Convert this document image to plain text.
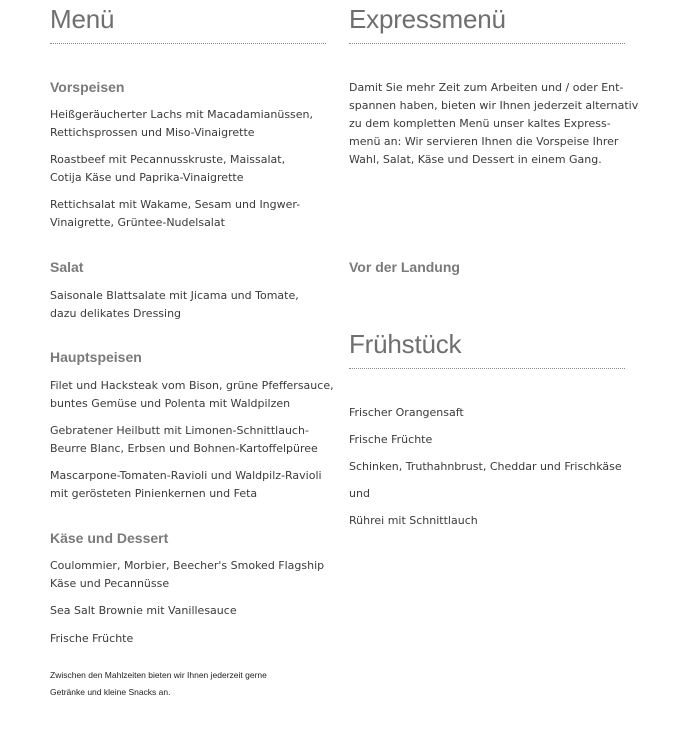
Menü
Vorspeisen

Heißgeräucherter Lachs mit Macadamianüssen,
Rettichsprossen und Miso-Vinaigrette

Roastbeef mit Pecannusskruste, Maissalat,
Cotija Käse und Paprika-Vinaigrette

Rettichsalat mit Wakame, Sesam und Ingwer-
Vinaigrette, Grüntee-Nudelsalat

Salat

Saisonale Blattsalate mit Jicama und Tomate,
dazu delikates Dressing

Hauptspeisen

Filet und Hacksteak vom Bison, grüne Pfeffersauce,
buntes Gemüse und Polenta mit Waldpilzen

Gebratener Heilbutt mit Limonen-Schnittlauch-
Beurre Blanc, Erbsen und Bohnen-Kartoffelpüree

Mascarpone-Tomaten-Ravioli und Waldpilz-Ravioli
mit gerösteten Pinienkernen und Feta

Käse und Dessert

Coulommier, Morbier, Beecher's Smoked Flagship
Käse und Pecannüsse

Sea Salt Brownie mit Vanillesauce

Frische Früchte

Zwischen den Mahlzeiten bieten wir Ihnen jederzeit gerne
Getränke und kleine Snacks an.

Expressmenü

Damit Sie mehr Zeit zum Arbeiten und / oder Ent-
spannen haben, bieten wir Ihnen jederzeit alternativ
zu dem kompletten Menü unser kaltes Express-
menü an: Wir servieren Ihnen die Vorspeise Ihrer
Wahl, Salat, Käse und Dessert in einem Gang.

Vor der Landung
Frühstück

Frischer Orangensaft

Frische Früchte

Schinken, Truthahnbrust, Cheddar und Frischkäse

und

Rührei mit Schnittlauch
